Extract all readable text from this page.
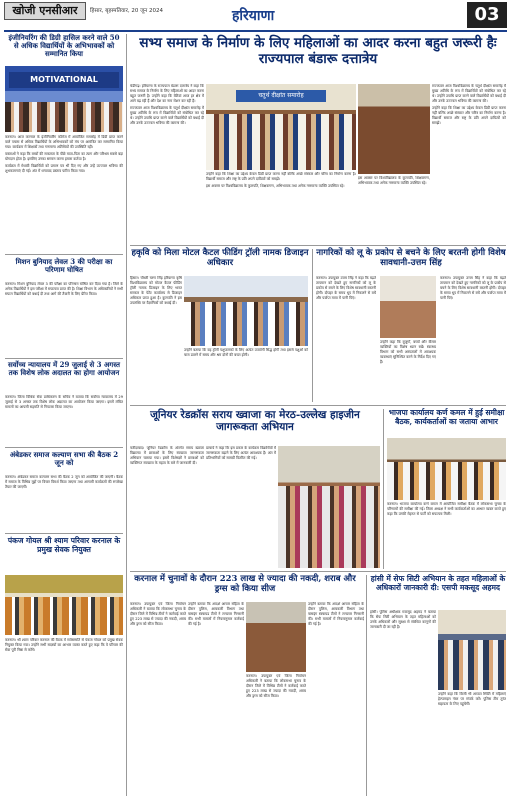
खोजी एनसीआर	हिसार, बृहस्पतिवार, 20 जून 2024	हरियाणा	03
इंजीनियरिंग की डिग्री हासिल करने वाले 50 से अधिक विद्यार्थियों के अभिभावकों को सम्मानित किया
MOTIVATIONAL

करनाल। आज करनाल के इंजीनियरिंग कॉलेज में आयोजित समारोह में डिग्री प्राप्त करने वाले पचास से अधिक विद्यार्थियों के अभिभावकों को मंच पर आमंत्रित कर सम्मानित किया गया। कार्यक्रम में शिक्षकों तथा गणमान्य अतिथियों की उपस्थिति रही।

वक्ताओं ने कहा कि बच्चों की सफलता के पीछे माता-पिता का त्याग और परिश्रम सबसे बड़ा योगदान होता है। इसलिए उनका सम्मान करना हमारा कर्तव्य है।

कार्यक्रम में मेधावी विद्यार्थियों को प्रमाण पत्र भी दिए गए और उन्हें उज्ज्वल भविष्य की शुभकामनाएं दी गईं। अंत में धन्यवाद प्रस्ताव पारित किया गया।

मिशन बुनियाद लेवल 3 की परीक्षा का परिणाम घोषित
करनाल। मिशन बुनियाद लेवल 3 की परीक्षा का परिणाम घोषित कर दिया गया है। जिले के अनेक विद्यार्थियों ने इस परीक्षा में सफलता प्राप्त की है। शिक्षा विभाग के अधिकारियों ने सभी सफल विद्यार्थियों को बधाई दी तथा आगे की तैयारी के लिए प्रेरित किया।
सर्वोच्च न्यायालय में 29 जुलाई से 3 अगस्त तक विशेष लोक अदालत का होगा आयोजन
करनाल। जिला विधिक सेवा प्राधिकरण के सचिव ने बताया कि सर्वोच्च न्यायालय में 29 जुलाई से 3 अगस्त तक विशेष लोक अदालत का आयोजन किया जाएगा। इसमें लंबित मामलों का आपसी सहमति से निपटारा किया जाएगा।
अंबेडकर समाज कल्याण सभा की बैठक 2 जून को
करनाल। अंबेडकर समाज कल्याण सभा की बैठक 2 जून को आयोजित की जाएगी। बैठक में समाज के विभिन्न मुद्दों पर विचार विमर्श किया जाएगा तथा आगामी कार्यक्रमों की रूपरेखा तैयार की जाएगी।
पंकज गोयल श्री श्याम परिवार करनाल के प्रमुख सेवक नियुक्त
करनाल। श्री श्याम परिवार करनाल की बैठक में सर्वसम्मति से पंकज गोयल को प्रमुख सेवक नियुक्त किया गया। उन्होंने सभी सदस्यों का आभार व्यक्त करते हुए कहा कि वे परिवार की सेवा पूरी निष्ठा से करेंगे।
सभ्य समाज के निर्माण के लिए महिलाओं का आदर करना बहुत जरूरी हैः राज्यपाल बंडारू दत्तात्रेय

चंडीगढ़। हरियाणा के राज्यपाल बंडारू दत्तात्रेय ने कहा कि सभ्य समाज के निर्माण के लिए महिलाओं का आदर करना बहुत जरूरी है। उन्होंने कहा कि बेटियां आज हर क्षेत्र में आगे बढ़ रही हैं और देश का नाम रोशन कर रही हैं।

राज्यपाल आज विश्वविद्यालय के चतुर्थ दीक्षांत समारोह में मुख्य अतिथि के रूप में विद्यार्थियों को संबोधित कर रहे थे। उन्होंने उपाधि प्राप्त करने वाले विद्यार्थियों को बधाई दी और उनके उज्ज्वल भविष्य की कामना की।

चतुर्थ दीक्षांत समारोह

उन्होंने कहा कि शिक्षा का उद्देश्य केवल डिग्री प्राप्त करना नहीं बल्कि अच्छे संस्कार और चरित्र का निर्माण करना है। विद्यार्थी समाज और राष्ट्र के प्रति अपने दायित्वों को समझें।

इस अवसर पर विश्वविद्यालय के कुलपति, शिक्षकगण, अभिभावक तथा अनेक गणमान्य व्यक्ति उपस्थित रहे।

राज्यपाल आज विश्वविद्यालय के चतुर्थ दीक्षांत समारोह में मुख्य अतिथि के रूप में विद्यार्थियों को संबोधित कर रहे थे। उन्होंने उपाधि प्राप्त करने वाले विद्यार्थियों को बधाई दी और उनके उज्ज्वल भविष्य की कामना की।

उन्होंने कहा कि शिक्षा का उद्देश्य केवल डिग्री प्राप्त करना नहीं बल्कि अच्छे संस्कार और चरित्र का निर्माण करना है। विद्यार्थी समाज और राष्ट्र के प्रति अपने दायित्वों को समझें।

इस अवसर पर विश्वविद्यालय के कुलपति, शिक्षकगण, अभिभावक तथा अनेक गणमान्य व्यक्ति उपस्थित रहे।
हकृवि को मिला मोटल कैटल फीडिंग ट्रॉली नामक डिजाइन अधिकार
हिसार। चौधरी चरण सिंह हरियाणा कृषि विश्वविद्यालय को मोटल कैटल फीडिंग ट्रॉली नामक डिजाइन के लिए भारत सरकार के पेटेंट कार्यालय से डिजाइन अधिकार प्राप्त हुआ है। कुलपति ने इस उपलब्धि पर वैज्ञानिकों को बधाई दी।
उन्होंने बताया कि यह ट्रॉली पशुपालकों के लिए अत्यंत उपयोगी सिद्ध होगी तथा इससे पशुओं को चारा डालने में समय और श्रम दोनों की बचत होगी।
नागरिकों को लू के प्रकोप से बचने के लिए बरतनी होगी विशेष सावधानी-उत्तम सिंह
करनाल। उपायुक्त उत्तम सिंह ने कहा कि बढ़ते तापमान को देखते हुए नागरिकों को लू के प्रकोप से बचने के लिए विशेष सावधानी बरतनी होगी। दोपहर के समय धूप में निकलने से बचें और पर्याप्त मात्रा में पानी पिएं।
उन्होंने कहा कि बुजुर्गों, बच्चों और बीमार व्यक्तियों का विशेष ध्यान रखें। स्वास्थ्य विभाग को सभी अस्पतालों में आवश्यक व्यवस्थाएं सुनिश्चित करने के निर्देश दिए गए हैं।
करनाल। उपायुक्त उत्तम सिंह ने कहा कि बढ़ते तापमान को देखते हुए नागरिकों को लू के प्रकोप से बचने के लिए विशेष सावधानी बरतनी होगी। दोपहर के समय धूप में निकलने से बचें और पर्याप्त मात्रा में पानी पिएं।
जूनियर रेडक्रॉस सराय ख्वाजा का मेरठ-उल्लेख हाइजीन जागरूकता अभियान
फरीदाबाद। जूनियर रेडक्रॉस के अंतर्गत सराय ख्वाजा विद्यालय में छात्राओं के लिए स्वच्छता जागरूकता अभियान चलाया गया। इसमें विशेषज्ञों ने छात्राओं को व्यक्तिगत स्वच्छता के महत्व के बारे में जानकारी दी।
प्राचार्य ने कहा कि इस प्रकार के कार्यक्रम विद्यार्थियों में जागरूकता बढ़ाने के लिए अत्यंत आवश्यक हैं। अंत में प्रतिभागियों को सामग्री वितरित की गई।
भाजपा कार्यालय कर्ण कमल में हुई समीक्षा बैठक, कार्यकर्ताओं का जताया आभार
करनाल। भाजपा कार्यालय कर्ण कमल में आयोजित समीक्षा बैठक में लोकसभा चुनाव के परिणामों की समीक्षा की गई। जिला अध्यक्ष ने सभी कार्यकर्ताओं का आभार व्यक्त करते हुए कहा कि उनकी मेहनत से पार्टी को सफलता मिली।
करनाल में चुनावों के दौरान 223 लाख से ज्यादा की नकदी, शराब और ड्रग्स को किया सीज
करनाल। उपायुक्त एवं जिला निर्वाचन अधिकारी ने बताया कि लोकसभा चुनाव के दौरान जिले में विभिन्न टीमों ने कार्रवाई करते हुए 223 लाख से ज्यादा की नकदी, शराब और ड्रग्स को सीज किया।
उन्होंने बताया कि आदर्श आचार संहिता के दौरान पुलिस, आबकारी विभाग तथा फ्लाइंग स्क्वायड टीमों ने लगातार निगरानी की। सभी मामलों में नियमानुसार कार्रवाई की गई है।
करनाल। उपायुक्त एवं जिला निर्वाचन अधिकारी ने बताया कि लोकसभा चुनाव के दौरान जिले में विभिन्न टीमों ने कार्रवाई करते हुए 223 लाख से ज्यादा की नकदी, शराब और ड्रग्स को सीज किया।
उन्होंने बताया कि आदर्श आचार संहिता के दौरान पुलिस, आबकारी विभाग तथा फ्लाइंग स्क्वायड टीमों ने लगातार निगरानी की। सभी मामलों में नियमानुसार कार्रवाई की गई है।
हांसी में सेफ सिटी अभियान के तहत महिलाओं के अधिकारों जानकारी दी: एसपी मकसूद अहमद
हांसी। पुलिस अधीक्षक मकसूद अहमद ने बताया कि सेफ सिटी अभियान के तहत महिलाओं को उनके अधिकारों और सुरक्षा से संबंधित कानूनों की जानकारी दी जा रही है।
उन्होंने कहा कि किसी भी आपात स्थिति में महिलाएं हेल्पलाइन नंबर पर संपर्क करें। पुलिस टीम तुरंत सहायता के लिए पहुंचेगी।
